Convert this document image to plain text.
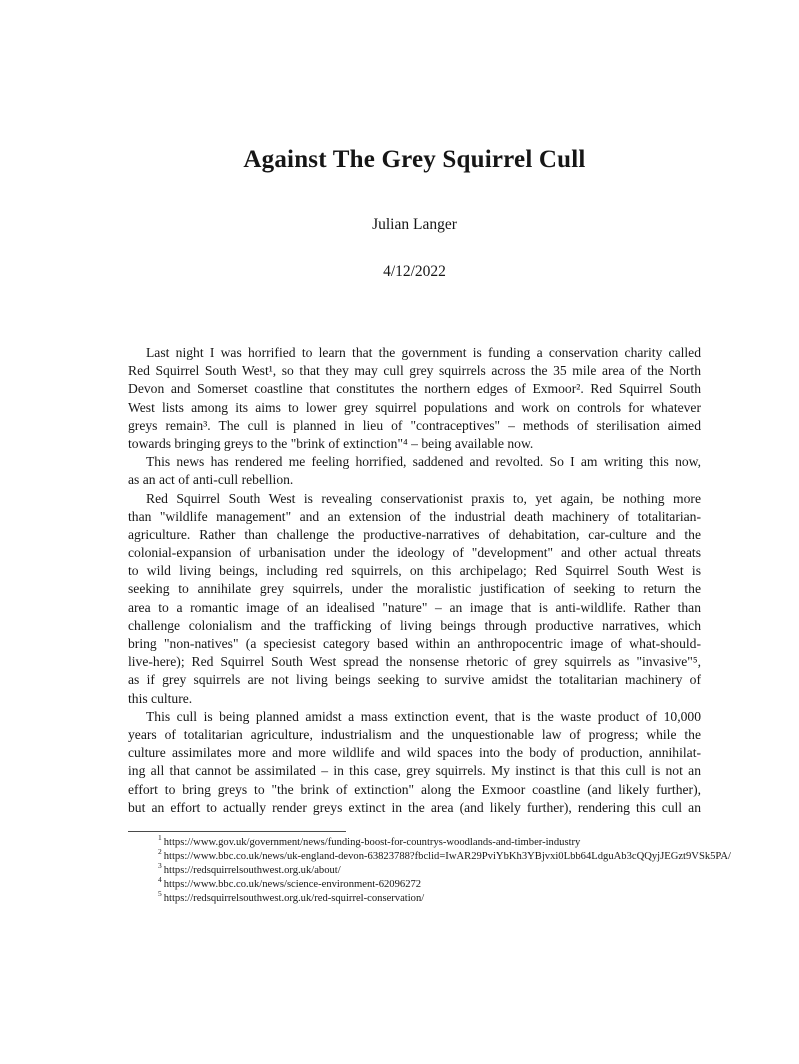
Against The Grey Squirrel Cull
Julian Langer
4/12/2022
Last night I was horrified to learn that the government is funding a conservation charity called
Red Squirrel South West¹, so that they may cull grey squirrels across the 35 mile area of the North
Devon and Somerset coastline that constitutes the northern edges of Exmoor². Red Squirrel South
West lists among its aims to lower grey squirrel populations and work on controls for whatever
greys remain³. The cull is planned in lieu of "contraceptives" – methods of sterilisation aimed
towards bringing greys to the "brink of extinction"⁴ – being available now.
This news has rendered me feeling horrified, saddened and revolted. So I am writing this now,
as an act of anti-cull rebellion.
Red Squirrel South West is revealing conservationist praxis to, yet again, be nothing more
than "wildlife management" and an extension of the industrial death machinery of totalitarian-
agriculture. Rather than challenge the productive-narratives of dehabitation, car-culture and the
colonial-expansion of urbanisation under the ideology of "development" and other actual threats
to wild living beings, including red squirrels, on this archipelago; Red Squirrel South West is
seeking to annihilate grey squirrels, under the moralistic justification of seeking to return the
area to a romantic image of an idealised "nature" – an image that is anti-wildlife. Rather than
challenge colonialism and the trafficking of living beings through productive narratives, which
bring "non-natives" (a speciesist category based within an anthropocentric image of what-should-
live-here); Red Squirrel South West spread the nonsense rhetoric of grey squirrels as "invasive"⁵,
as if grey squirrels are not living beings seeking to survive amidst the totalitarian machinery of
this culture.
This cull is being planned amidst a mass extinction event, that is the waste product of 10,000
years of totalitarian agriculture, industrialism and the unquestionable law of progress; while the
culture assimilates more and more wildlife and wild spaces into the body of production, annihilat-
ing all that cannot be assimilated – in this case, grey squirrels. My instinct is that this cull is not an
effort to bring greys to "the brink of extinction" along the Exmoor coastline (and likely further),
but an effort to actually render greys extinct in the area (and likely further), rendering this cull an
$^1$ https://www.gov.uk/government/news/funding-boost-for-countrys-woodlands-and-timber-industry
$^2$ https://www.bbc.co.uk/news/uk-england-devon-63823788?fbclid=IwAR29PviYbKh3YBjvxi0Lbb64LdguAb3cQQyjJEGzt9VSk5PA/
$^3$ https://redsquirrelsouthwest.org.uk/about/
$^4$ https://www.bbc.co.uk/news/science-environment-62096272
$^5$ https://redsquirrelsouthwest.org.uk/red-squirrel-conservation/
